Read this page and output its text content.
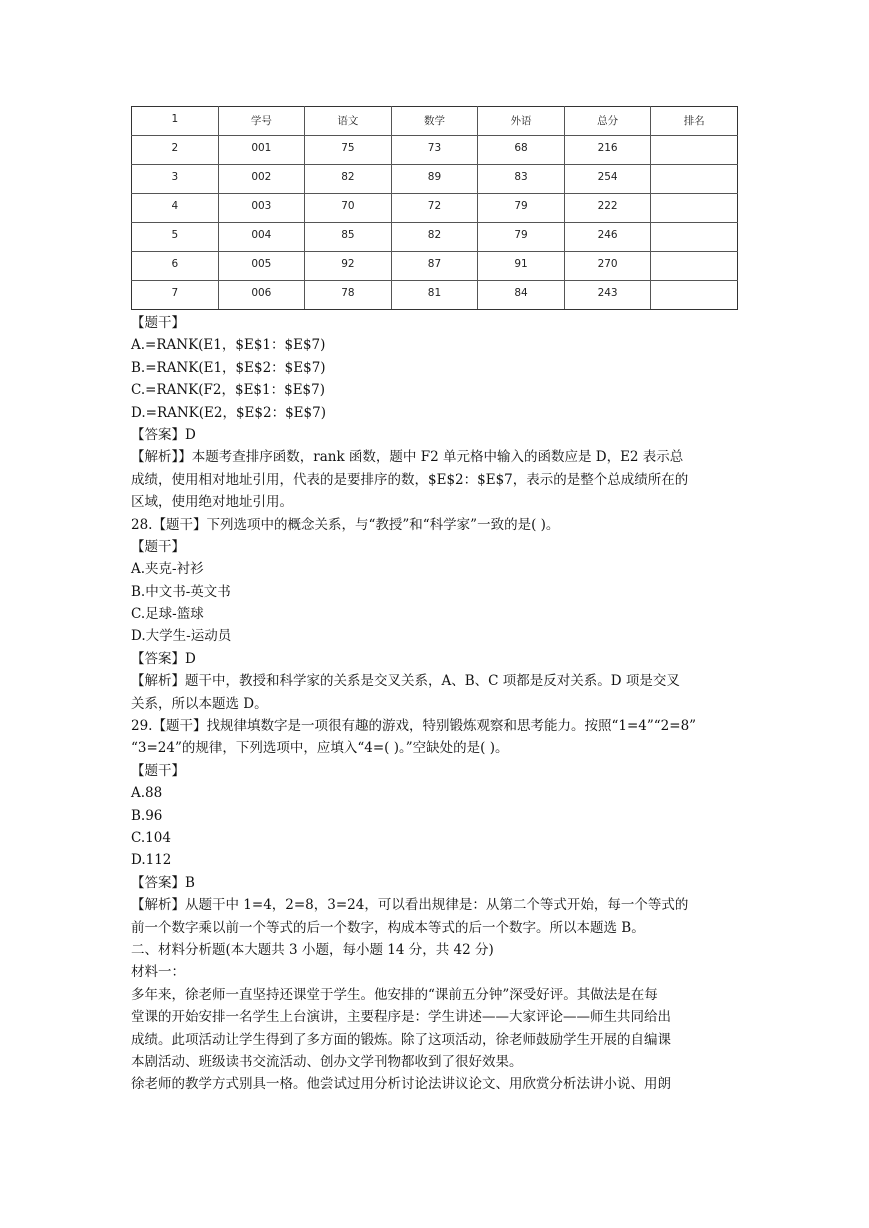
1	学号	语文	数学	外语	总分	排名
2	001	75	73	68	216	
3	002	82	89	83	254	
4	003	70	72	79	222	
5	004	85	82	79	246	
6	005	92	87	91	270	
7	006	78	81	84	243	
【题干】
A.=RANK(E1，$E$1：$E$7)
B.=RANK(E1，$E$2：$E$7)
C.=RANK(F2，$E$1：$E$7)
D.=RANK(E2，$E$2：$E$7)
【答案】D
【解析】】本题考查排序函数，rank 函数，题中 F2 单元格中输入的函数应是 D，E2 表示总
成绩，使用相对地址引用，代表的是要排序的数，$E$2：$E$7，表示的是整个总成绩所在的
区域，使用绝对地址引用。
28.【题干】下列选项中的概念关系，与“教授”和“科学家”一致的是( )。
【题干】
A.夹克-衬衫
B.中文书-英文书
C.足球-篮球
D.大学生-运动员
【答案】D
【解析】题干中，教授和科学家的关系是交叉关系，A、B、C 项都是反对关系。D 项是交叉
关系，所以本题选 D。
29.【题干】找规律填数字是一项很有趣的游戏，特别锻炼观察和思考能力。按照“1=4”“2=8”
“3=24”的规律，下列选项中，应填入“4=( )。”空缺处的是( )。
【题干】
A.88
B.96
C.104
D.112
【答案】B
【解析】从题干中 1=4，2=8，3=24，可以看出规律是：从第二个等式开始，每一个等式的
前一个数字乘以前一个等式的后一个数字，构成本等式的后一个数字。所以本题选 B。
二、材料分析题(本大题共 3 小题，每小题 14 分，共 42 分)
材料一：
多年来，徐老师一直坚持还课堂于学生。他安排的“课前五分钟”深受好评。其做法是在每
堂课的开始安排一名学生上台演讲，主要程序是：学生讲述——大家评论——师生共同给出
成绩。此项活动让学生得到了多方面的锻炼。除了这项活动，徐老师鼓励学生开展的自编课
本剧活动、班级读书交流活动、创办文学刊物都收到了很好效果。
徐老师的教学方式别具一格。他尝试过用分析讨论法讲议论文、用欣赏分析法讲小说、用朗
